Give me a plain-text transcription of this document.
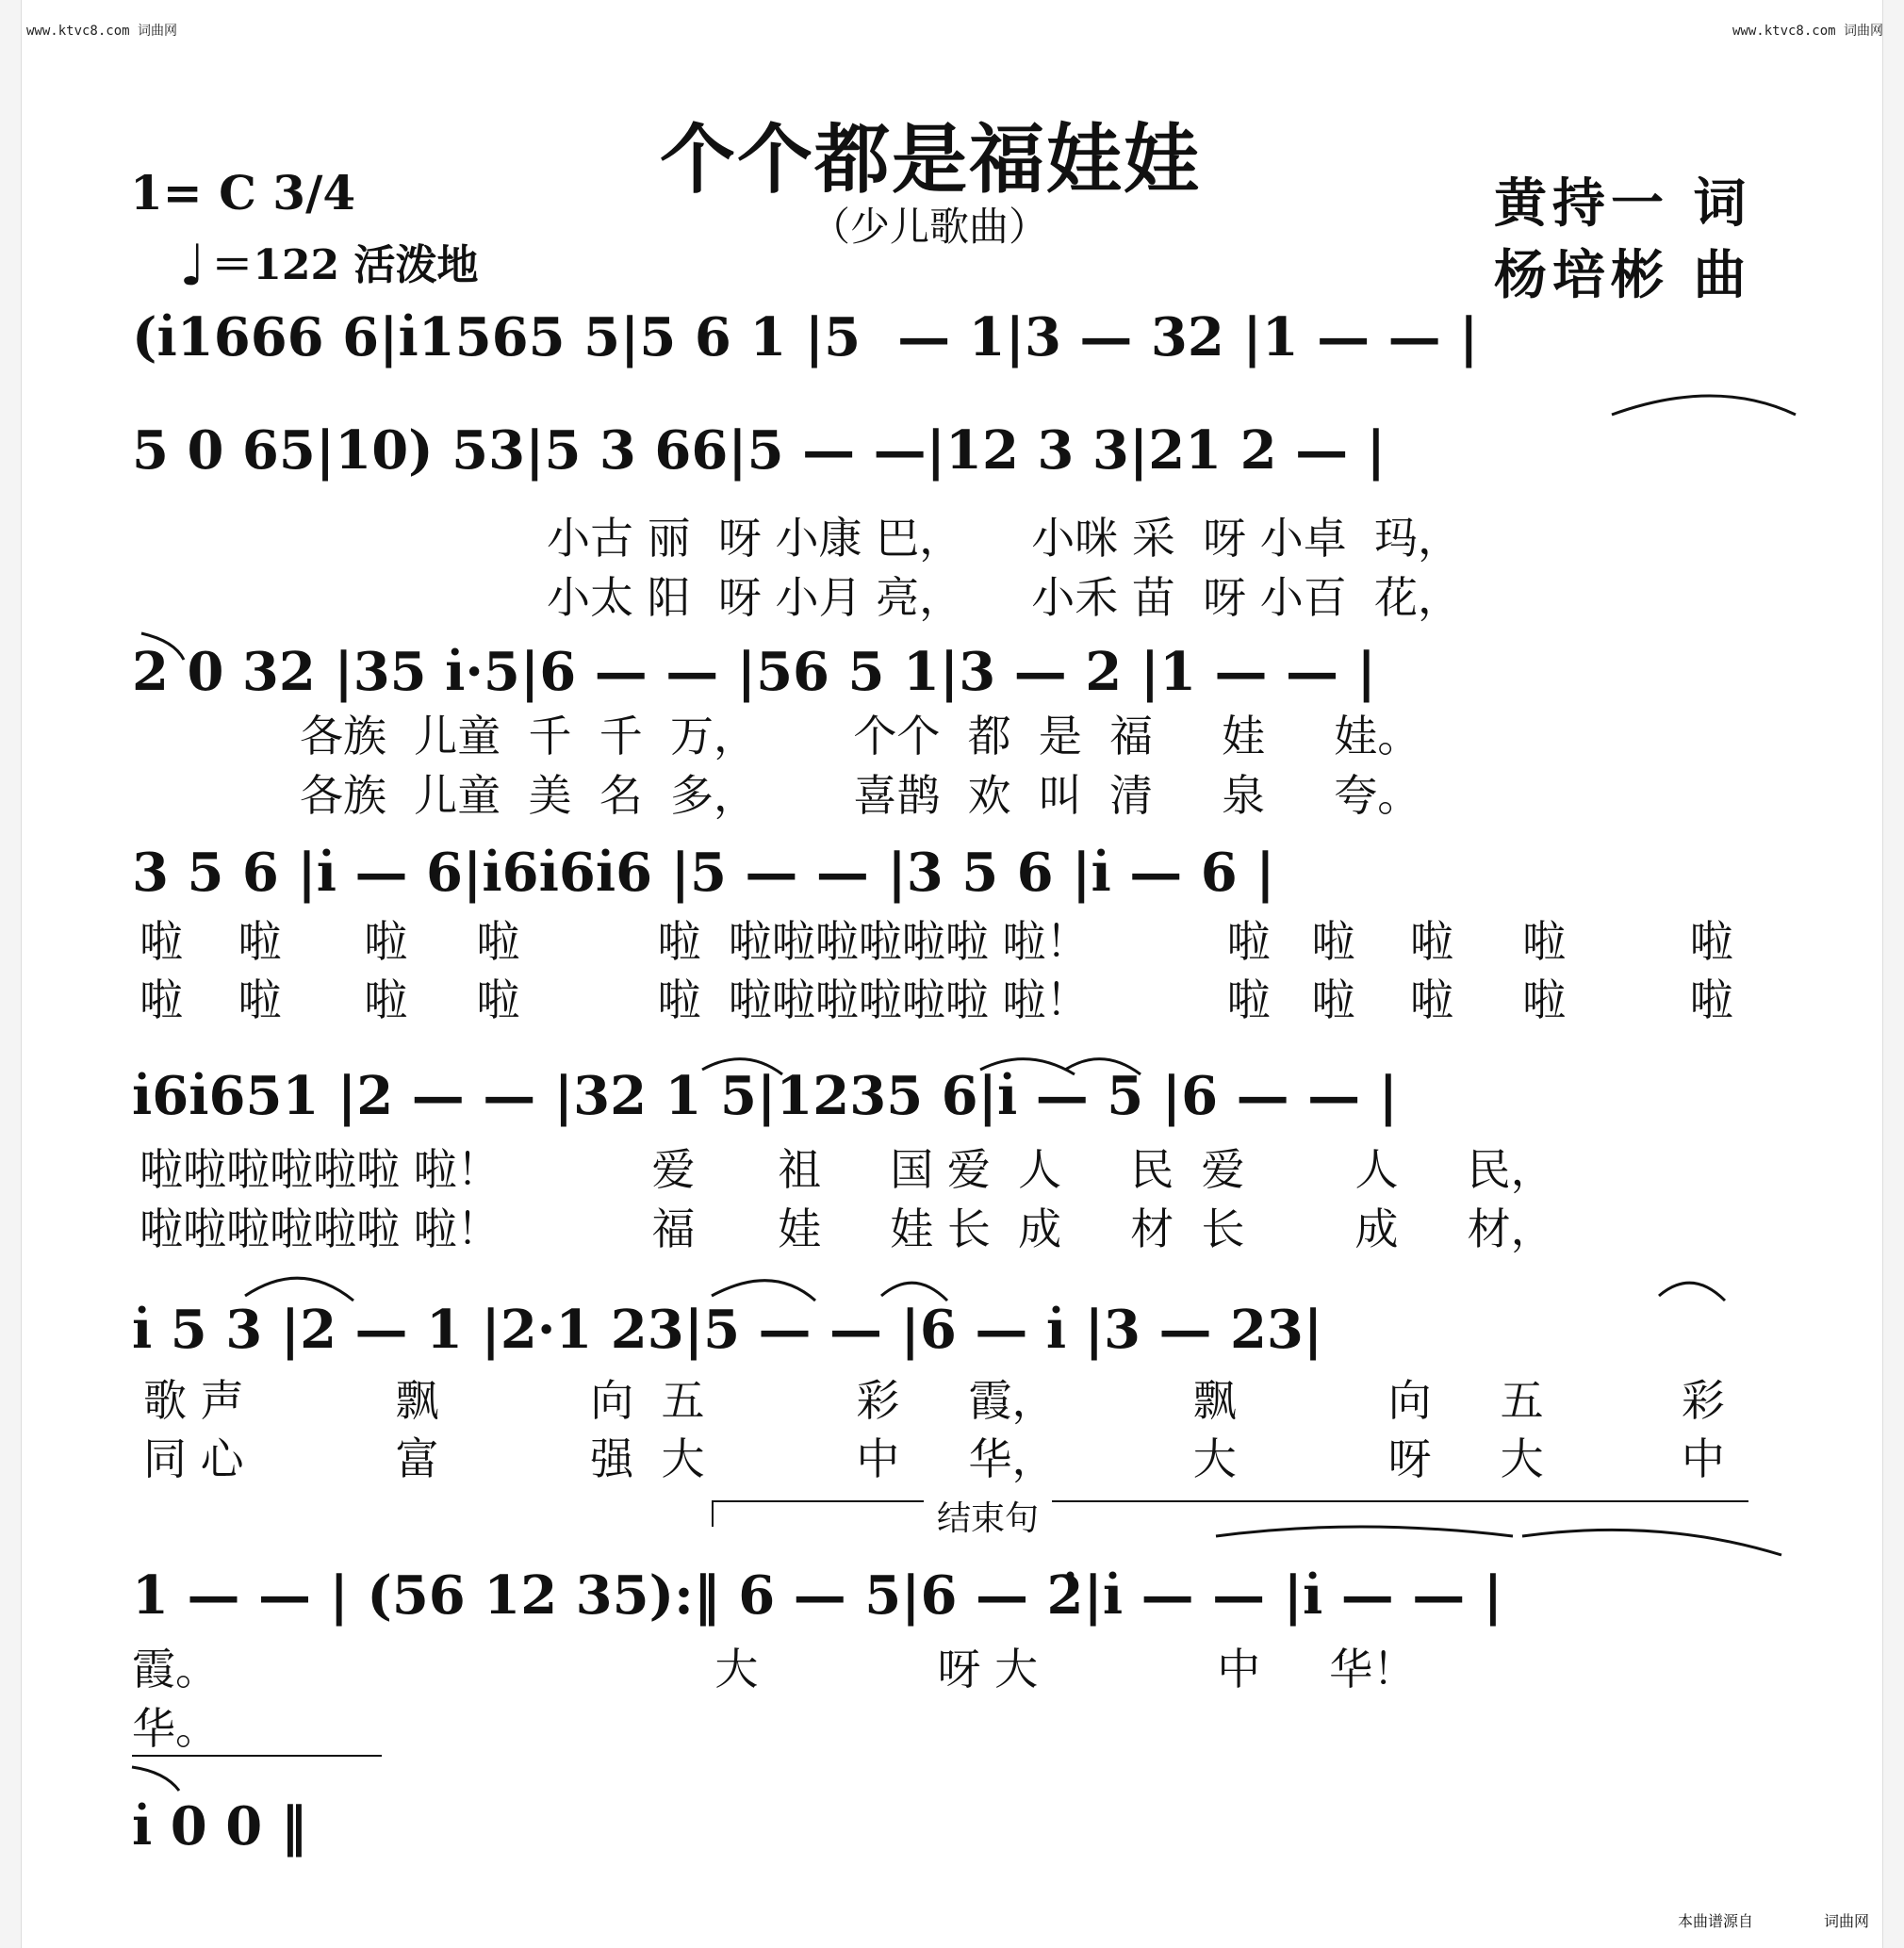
www.ktvc8.com 词曲网	www.ktvc8.com 词曲网
个个都是福娃娃
（少儿歌曲）
1= C 3/4
♩ ＝122 活泼地
黄持一 词
杨培彬 曲
(i̇1666 6|i̇1565 5|5 6 1 |5  — 1|3 — 32 |1 — — |
5 0 65|10) 53|5 3 66|5 — —|12 3 3|21 2 — |
小古 丽  呀 小康 巴，     小咪 采  呀 小卓  玛，
小太 阳  呀 小月 亮，     小禾 苗  呀 小百  花，
2 0 32 |35 i̇·5|6 — — |56 5 1|3 — 2 |1 — — |
各族  儿童  千  千  万，       个个  都  是  福     娃     娃。
各族  儿童  美  名  多，       喜鹊  欢  叫  清     泉     夸。
3 5 6 |i̇ — 6|i̇6i̇6i̇6 |5 — — |3 5 6 |i̇ — 6 |
啦    啦      啦     啦          啦  啦啦啦啦啦啦 啦！          啦   啦    啦     啦         啦
啦    啦      啦     啦          啦  啦啦啦啦啦啦 啦！          啦   啦    啦     啦         啦
i̇6i̇651 |2 — — |32 1 5|1235 6|i̇ — 5 |6 — — |
啦啦啦啦啦啦 啦！           爱      祖     国 爱  人     民  爱        人     民，
啦啦啦啦啦啦 啦！           福      娃     娃 长  成     材  长        成     材，
i̇ 5 3 |2 — 1 |2·1 23|5 — — |6 — i̇ |3 — 23|
歌 声           飘           向  五           彩     霞，          飘           向     五          彩
同 心           富           强  大           中     华，          大           呀     大          中
结束句
1 — — | (56 12 35):‖ 6 — 5|6 — 2̇|i̇ — — |i̇ — — |
霞。                                    大             呀 大             中     华！
华。
i̇ 0 0 ‖
本曲谱源自	词曲网
